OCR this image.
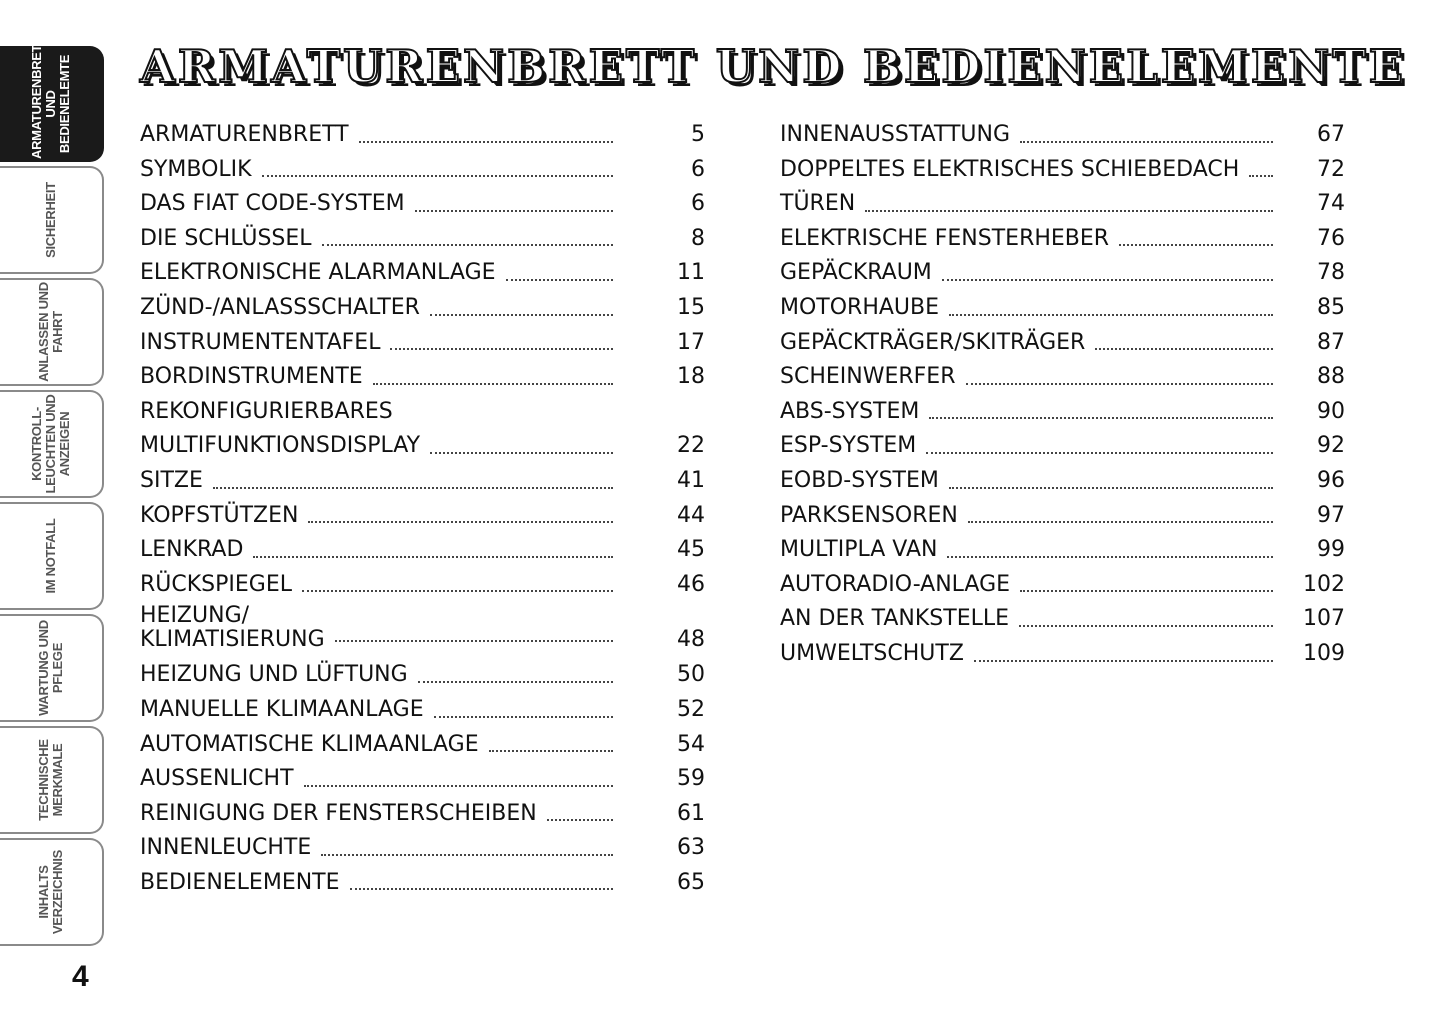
ARMATURENBRETT
UND
BEDIENELEMTE
SICHERHEIT
ANLASSEN UND
FAHRT
KONTROLL-
LEUCHTEN UND
ANZEIGEN
IM NOTFALL
WARTUNG UND
PFLEGE
TECHNISCHE
MERKMALE
INHALTS
VERZEICHNIS
4
ARMATURENBRETT UND BEDIENELEMENTE
ARMATURENBRETT	5
SYMBOLIK	6
DAS FIAT CODE-SYSTEM	6
DIE SCHLÜSSEL	8
ELEKTRONISCHE ALARMANLAGE	11
ZÜND-/ANLASSSCHALTER	15
INSTRUMENTENTAFEL	17
BORDINSTRUMENTE	18
REKONFIGURIERBARES
MULTIFUNKTIONSDISPLAY	22
SITZE	41
KOPFSTÜTZEN	44
LENKRAD	45
RÜCKSPIEGEL	46
HEIZUNG/
KLIMATISIERUNG	48
HEIZUNG UND LÜFTUNG	50
MANUELLE KLIMAANLAGE	52
AUTOMATISCHE KLIMAANLAGE	54
AUSSENLICHT	59
REINIGUNG DER FENSTERSCHEIBEN	61
INNENLEUCHTE	63
BEDIENELEMENTE	65
INNENAUSSTATTUNG	67
DOPPELTES ELEKTRISCHES SCHIEBEDACH	72
TÜREN	74
ELEKTRISCHE FENSTERHEBER	76
GEPÄCKRAUM	78
MOTORHAUBE	85
GEPÄCKTRÄGER/SKITRÄGER	87
SCHEINWERFER	88
ABS-SYSTEM	90
ESP-SYSTEM	92
EOBD-SYSTEM	96
PARKSENSOREN	97
MULTIPLA VAN	99
AUTORADIO-ANLAGE	102
AN DER TANKSTELLE	107
UMWELTSCHUTZ	109
